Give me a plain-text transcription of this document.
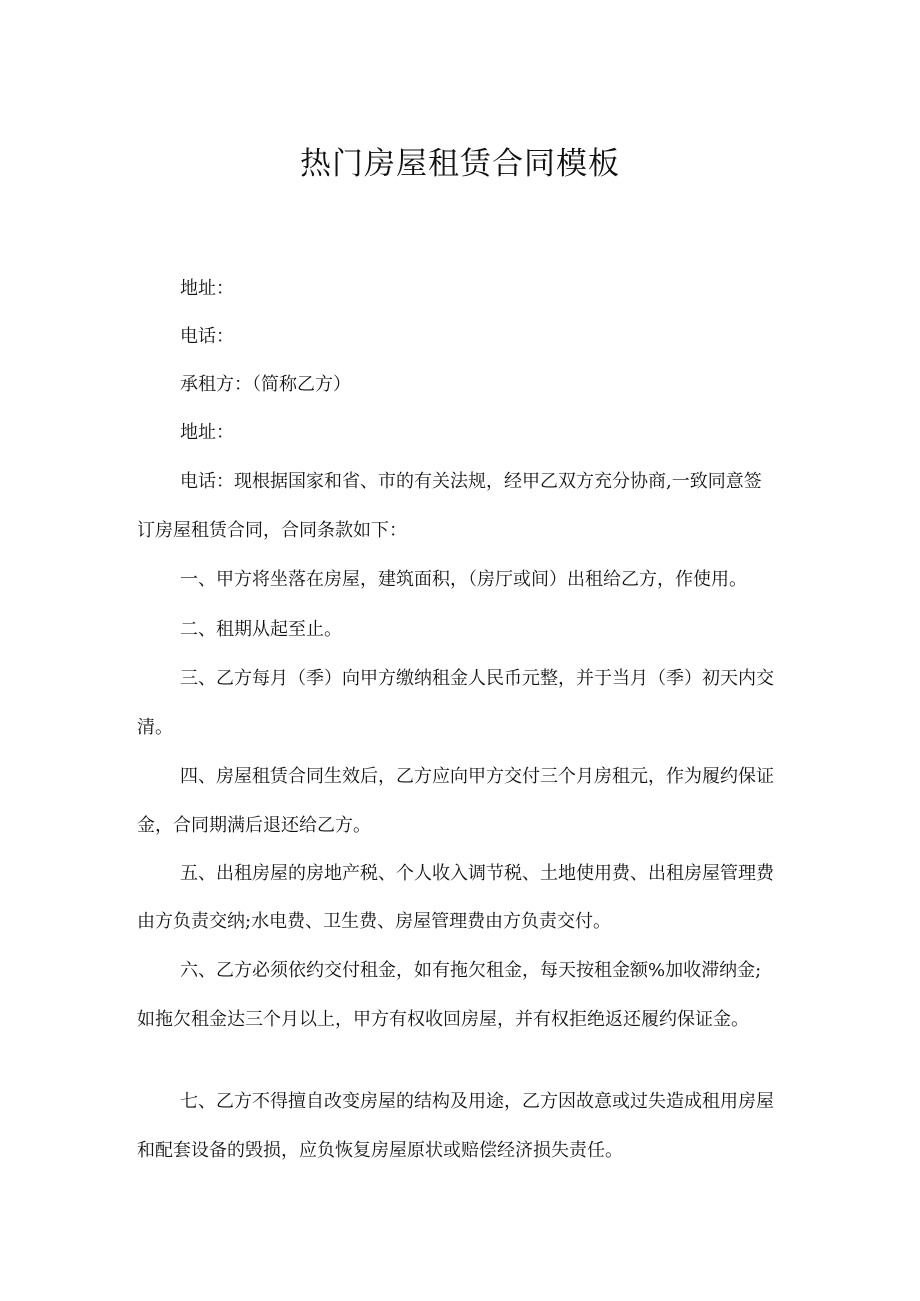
热门房屋租赁合同模板
地址：
电话：
承租方：（简称乙方）
地址：
电话：现根据国家和省、市的有关法规，经甲乙双方充分协商,一致同意签
订房屋租赁合同，合同条款如下：
一、甲方将坐落在房屋，建筑面积，（房厅或间）出租给乙方，作使用。
二、租期从起至止。
三、乙方每月（季）向甲方缴纳租金人民币元整，并于当月（季）初天内交
清。
四、房屋租赁合同生效后，乙方应向甲方交付三个月房租元，作为履约保证
金，合同期满后退还给乙方。
五、出租房屋的房地产税、个人收入调节税、土地使用费、出租房屋管理费
由方负责交纳;水电费、卫生费、房屋管理费由方负责交付。
六、乙方必须依约交付租金，如有拖欠租金，每天按租金额%加收滞纳金;
如拖欠租金达三个月以上，甲方有权收回房屋，并有权拒绝返还履约保证金。
七、乙方不得擅自改变房屋的结构及用途，乙方因故意或过失造成租用房屋
和配套设备的毁损，应负恢复房屋原状或赔偿经济损失责任。
